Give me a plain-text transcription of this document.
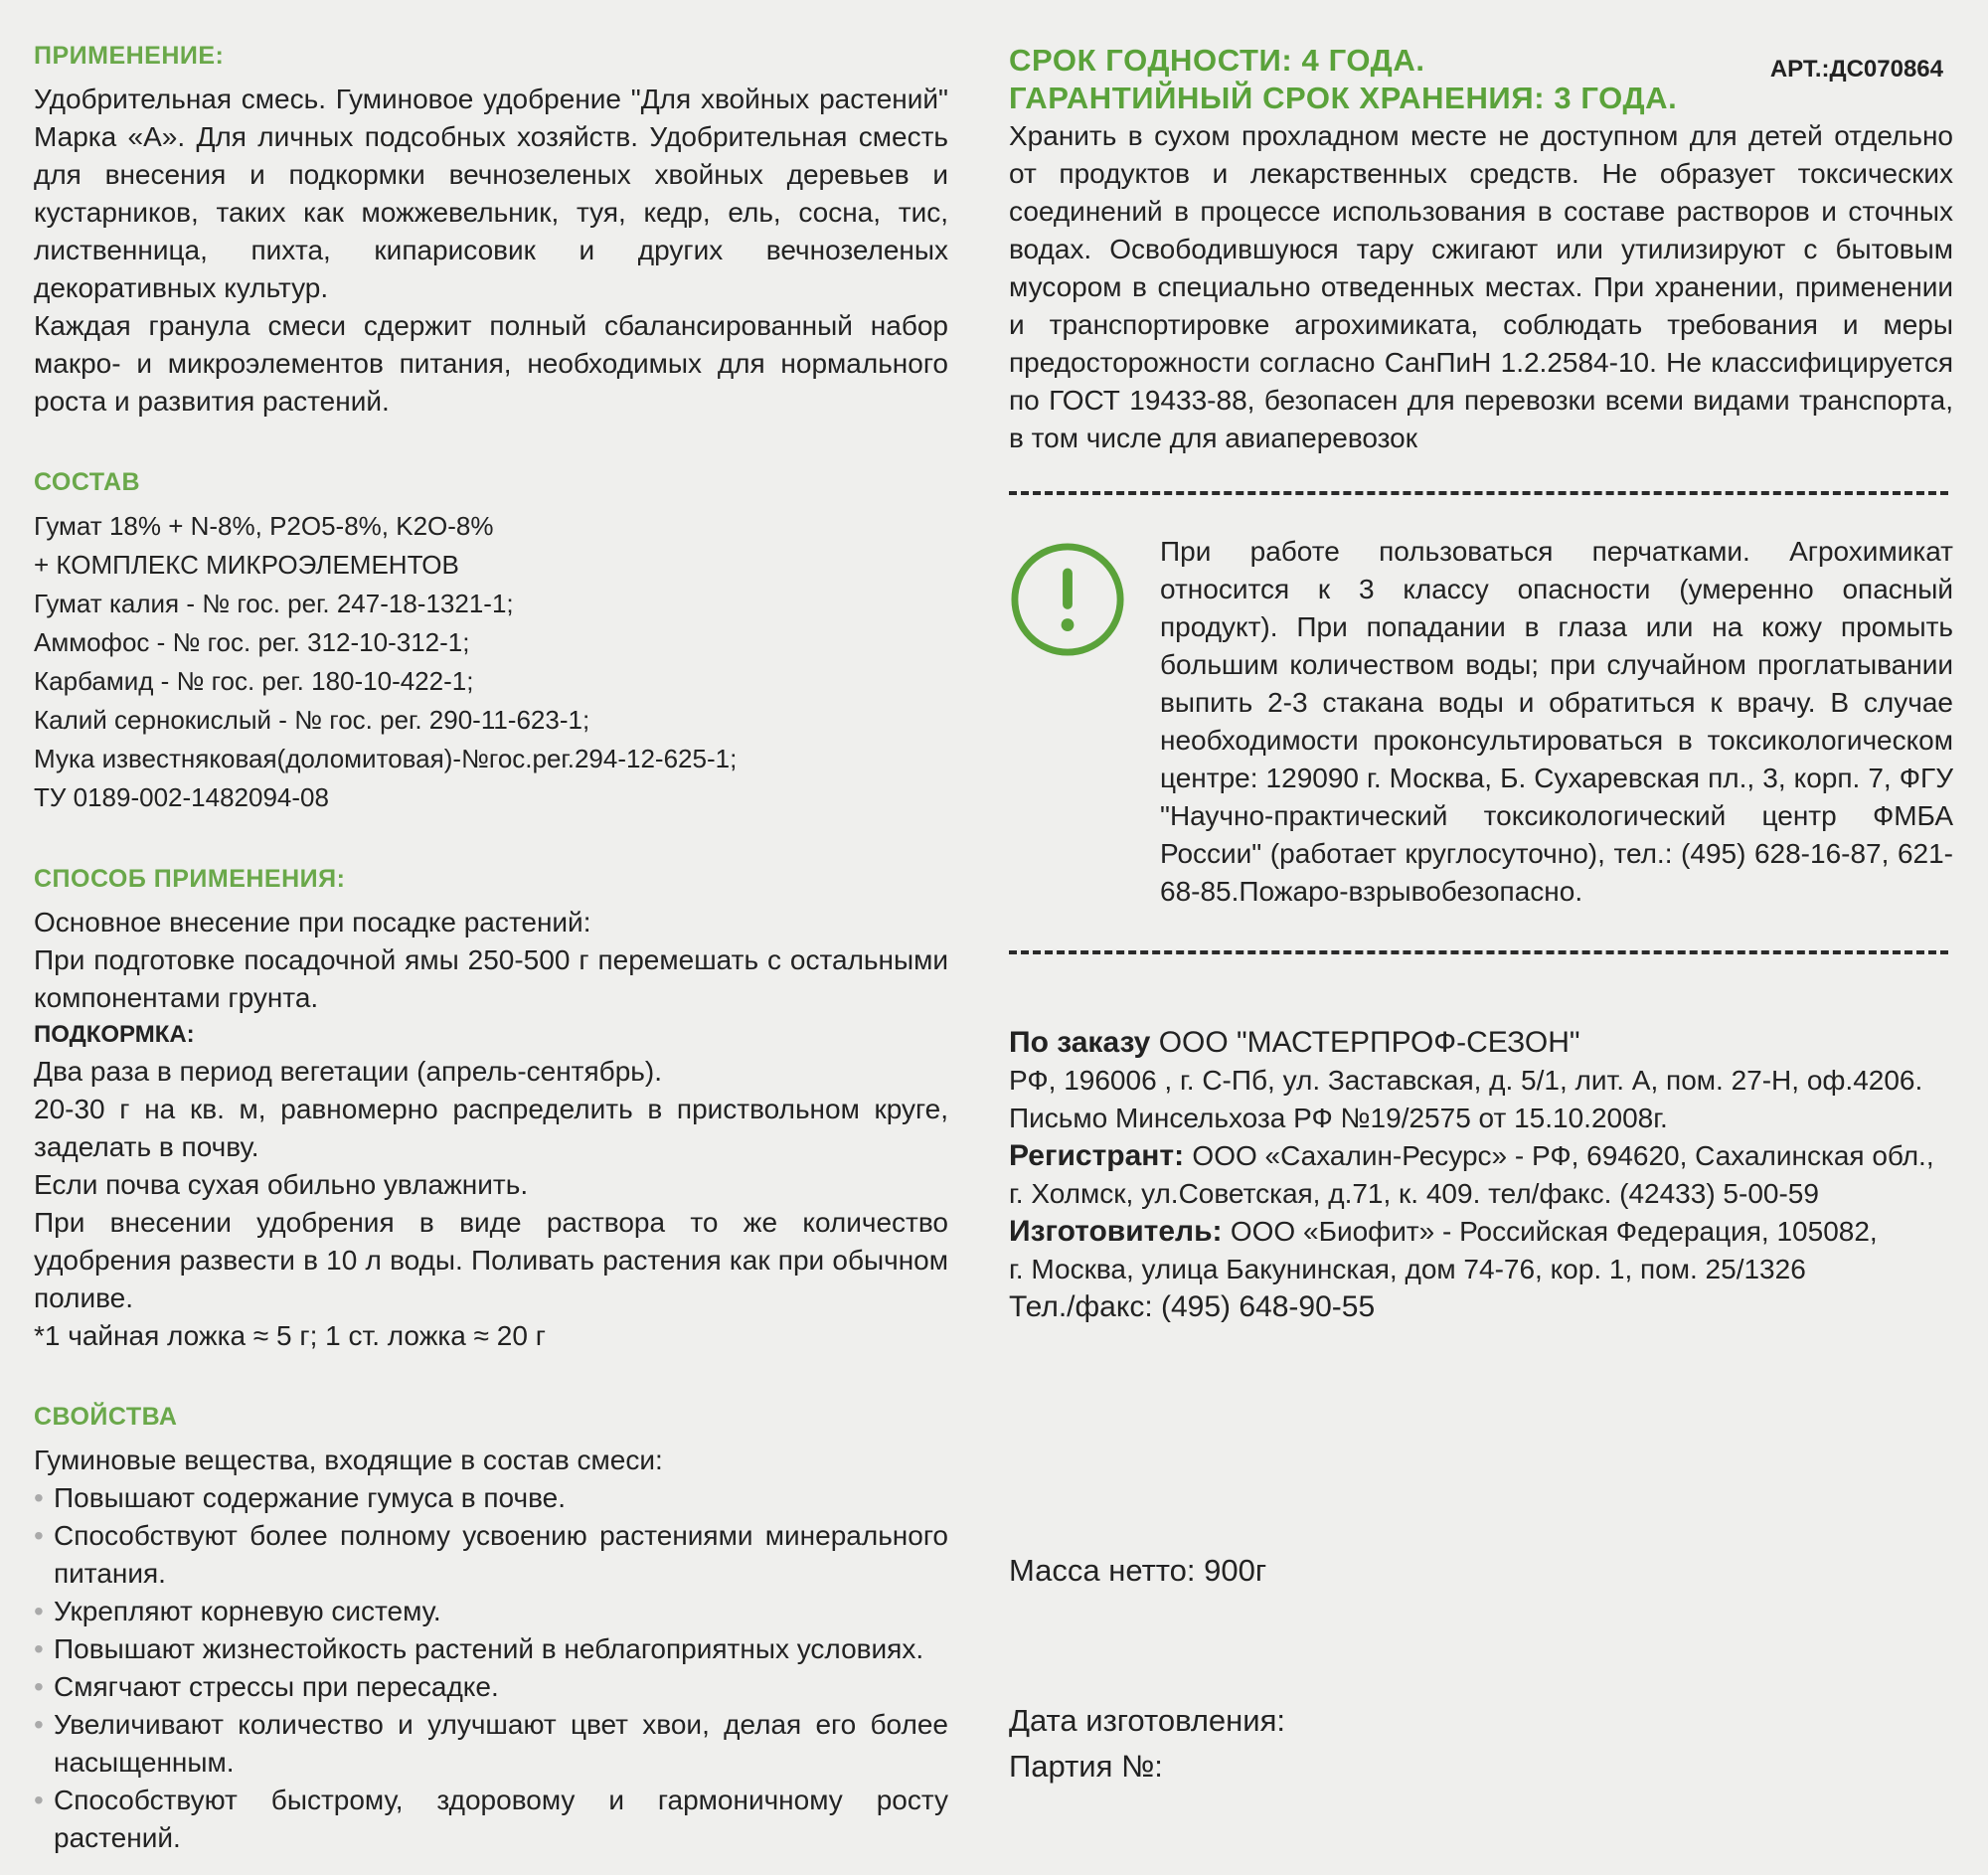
ПРИМЕНЕНИЕ:

Удобрительная смесь. Гуминовое удобрение "Для хвойных растений" Марка «А». Для личных подсобных хозяйств. Удобрительная сместь для внесения и подкормки вечнозеленых хвойных деревьев и кустарников, таких как можжевельник, туя, кедр, ель, сосна, тис, лиственница, пихта, кипарисовик и других вечнозеленых декоративных культур.

Каждая гранула смеси сдержит полный сбалансированный набор макро- и микроэлементов питания, необходимых для нормального роста и развития растений.

СОСТАВ

Гумат 18% + N-8%, P2O5-8%, K2O-8%

+ КОМПЛЕКС МИКРОЭЛЕМЕНТОВ

Гумат калия - № гос. рег. 247-18-1321-1;

Аммофос - № гос. рег. 312-10-312-1;

Карбамид - № гос. рег. 180-10-422-1;

Калий сернокислый - № гос. рег. 290-11-623-1;

Мука известняковая(доломитовая)-№гос.рег.294-12-625-1;

ТУ 0189-002-1482094-08

СПОСОБ ПРИМЕНЕНИЯ:

Основное внесение при посадке растений:

При подготовке посадочной ямы 250-500 г перемешать с остальными компонентами грунта.

ПОДКОРМКА:

Два раза в период вегетации (апрель-сентябрь).

20-30 г на кв. м, равномерно распределить в приствольном круге, заделать в почву.

Если почва сухая обильно увлажнить.

При внесении удобрения в виде раствора то же количество удобрения развести в 10 л воды. Поливать растения как при обычном поливе.

*1 чайная ложка ≈ 5 г; 1 ст. ложка ≈ 20 г

СВОЙСТВА

Гуминовые вещества, входящие в состав смеси:

• Повышают содержание гумуса в почве.
• Способствуют более полному усвоению растениями минерального питания.
• Укрепляют корневую систему.
• Повышают жизнестойкость растений в неблагоприятных условиях.
• Смягчают стрессы при пересадке.
• Увеличивают количество и улучшают цвет хвои, делая его более насыщенным.
• Способствуют быстрому, здоровому и гармоничному росту растений.
СРОК ГОДНОСТИ: 4 ГОДА.
ГАРАНТИЙНЫЙ СРОК ХРАНЕНИЯ: 3 ГОДА.
АРТ.:ДС070864

Хранить в сухом прохладном месте не доступном для детей отдельно от продуктов и лекарственных средств. Не образует токсических соединений в процессе использования в составе растворов и сточных водах. Освободившуюся тару сжигают или утилизируют с бытовым мусором в специально отведенных местах. При хранении, применении и транспортировке агрохимиката, соблюдать требования и меры предосторожности согласно СанПиН 1.2.2584-10. Не классифицируется по ГОСТ 19433-88, безопасен для перевозки всеми видами транспорта, в том числе для авиаперевозок

При работе пользоваться перчатками. Агрохимикат относится к 3 классу опасности (умеренно опасный продукт). При попадании в глаза или на кожу промыть большим количеством воды; при случайном проглатывании выпить 2-3 стакана воды и обратиться к врачу. В случае необходимости проконсультироваться в токсикологическом центре: 129090 г. Москва, Б. Сухаревская пл., 3, корп. 7, ФГУ "Научно-практический токсикологический центр ФМБА России" (работает круглосуточно), тел.: (495) 628-16-87, 621-68-85.Пожаро-взрывобезопасно.

По заказу ООО "МАСТЕРПРОФ-СЕЗОН"

РФ, 196006 , г. С-Пб, ул. Заставская, д. 5/1, лит. А, пом. 27-Н, оф.4206.

Письмо Минсельхоза РФ №19/2575 от 15.10.2008г.

Регистрант: ООО «Сахалин-Ресурс» - РФ, 694620, Сахалинская обл.,

г. Холмск, ул.Советская, д.71, к. 409. тел/факс. (42433) 5-00-59

Изготовитель: ООО «Биофит» - Российская Федерация, 105082,

г. Москва, улица Бакунинская, дом 74-76, кор. 1, пом. 25/1326

Тел./факс: (495) 648-90-55

Масса нетто: 900г
Дата изготовления:
Партия №:
